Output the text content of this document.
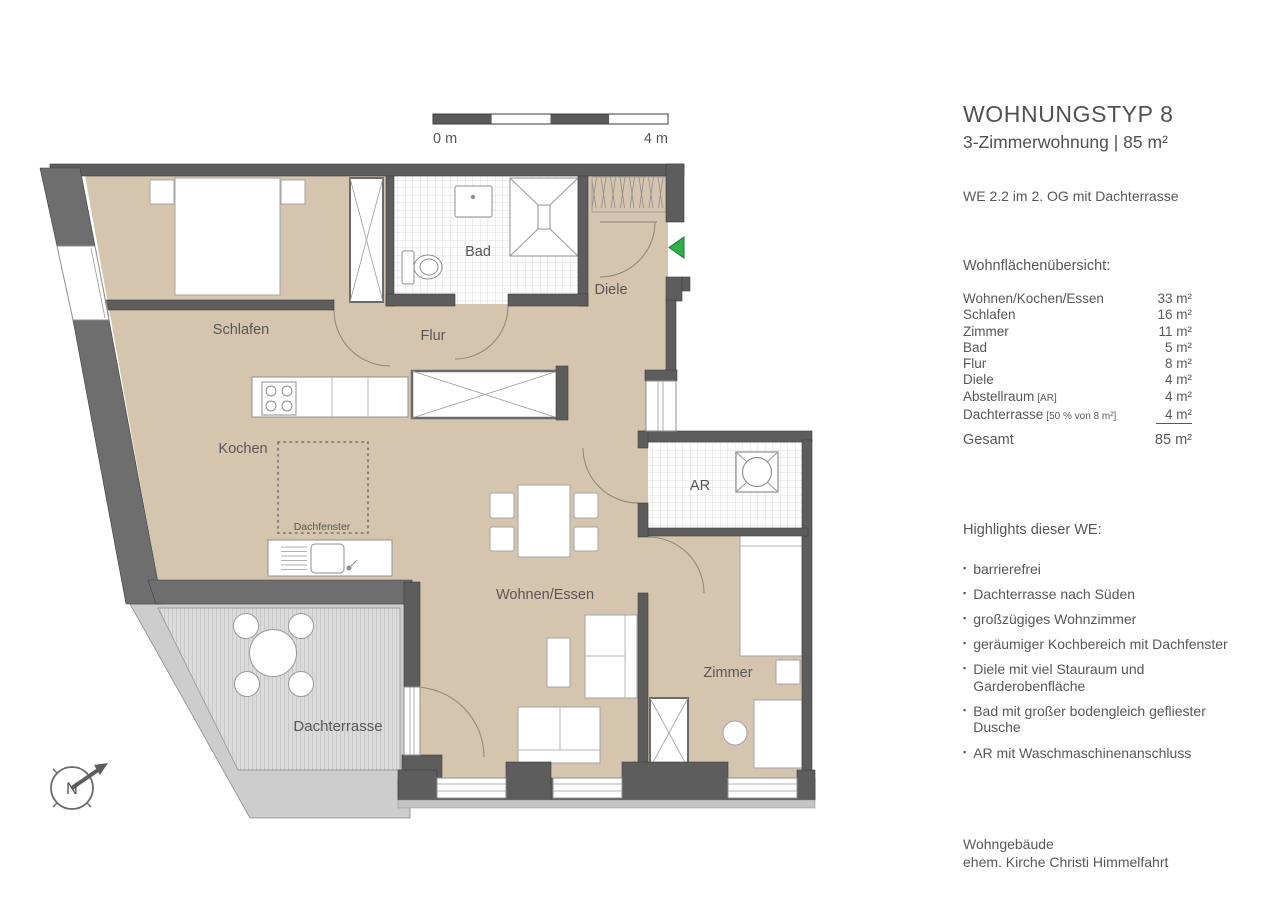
0 m	4 m
Dachterrasse
Dachfenster
Schlafen
Bad
Flur
Diele
Kochen
Wohnen/Essen
AR
Zimmer
N
WOHNUNGSTYP 8
3-Zimmerwohnung | 85 m²
WE 2.2 im 2. OG mit Dachterrasse
Wohnflächenübersicht:
Wohnen/Kochen/Essen	33 m²
Schlafen	16 m²
Zimmer	11 m²
Bad	5 m²
Flur	8 m²
Diele	4 m²
Abstellraum [AR]	4 m²
Dachterrasse [50 % von 8 m²]	4 m²
Gesamt	85 m²
Highlights dieser WE:
▪ barrierefrei
▪ Dachterrasse nach Süden
▪ großzügiges Wohnzimmer
▪ geräumiger Kochbereich mit Dachfenster
▪ Diele mit viel Stauraum und Garderobenfläche
▪ Bad mit großer bodengleich gefliester Dusche
▪ AR mit Waschmaschinenanschluss
Wohngebäude
ehem. Kirche Christi Himmelfahrt
